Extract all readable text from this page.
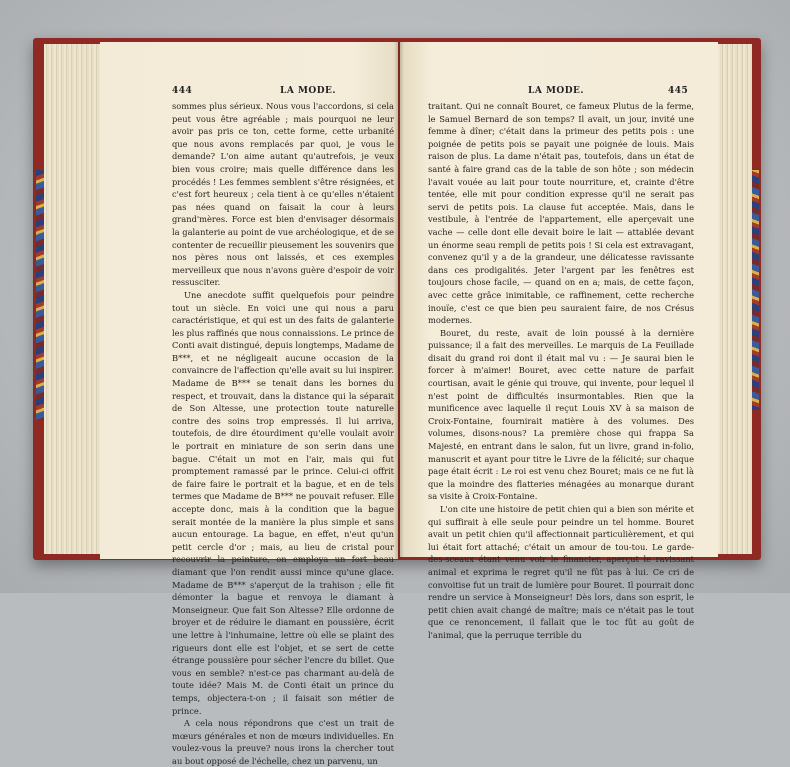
444	LA MODE.

sommes plus sérieux. Nous vous l'accordons, si cela peut vous être agréable ; mais pourquoi ne leur avoir pas pris ce ton, cette forme, cette urbanité que nous avons remplacés par quoi, je vous le demande? L'on aime autant qu'autrefois, je veux bien vous croire; mais quelle différence dans les procédés ! Les femmes semblent s'être résignées, et c'est fort heureux ; cela tient à ce qu'elles n'étaient pas nées quand on faisait la cour à leurs grand'mères. Force est bien d'envisager désormais la galanterie au point de vue archéologique, et de se contenter de recueillir pieusement les souvenirs que nos pères nous ont laissés, et ces exemples merveilleux que nous n'avons guère d'espoir de voir ressusciter.

Une anecdote suffit quelquefois pour peindre tout un siècle. En voici une qui nous a paru caractéristique, et qui est un des faits de galanterie les plus raffinés que nous connaissions. Le prince de Conti avait distingué, depuis longtemps, Madame de B***, et ne négligeait aucune occasion de la convaincre de l'affection qu'elle avait su lui inspirer. Madame de B*** se tenait dans les bornes du respect, et trouvait, dans la distance qui la séparait de Son Altesse, une protection toute naturelle contre des soins trop empressés. Il lui arriva, toutefois, de dire étourdiment qu'elle voulait avoir le portrait en miniature de son serin dans une bague. C'était un mot en l'air, mais qui fut promptement ramassé par le prince. Celui-ci offrit de faire faire le portrait et la bague, et en de tels termes que Madame de B*** ne pouvait refuser. Elle accepte donc, mais à la condition que la bague serait montée de la manière la plus simple et sans aucun entourage. La bague, en effet, n'eut qu'un petit cercle d'or ; mais, au lieu de cristal pour recouvrir la peinture, on employa un fort beau diamant que l'on rendit aussi mince qu'une glace. Madame de B*** s'aperçut de la trahison ; elle fit démonter la bague et renvoya le diamant à Monseigneur. Que fait Son Altesse? Elle ordonne de broyer et de réduire le diamant en poussière, écrit une lettre à l'inhumaine, lettre où elle se plaint des rigueurs dont elle est l'objet, et se sert de cette étrange poussière pour sécher l'encre du billet. Que vous en semble? n'est-ce pas charmant au-delà de toute idée? Mais M. de Conti était un prince du temps, objectera-t-on ; il faisait son métier de prince.

A cela nous répondrons que c'est un trait de mœurs générales et non de mœurs individuelles. En voulez-vous la preuve? nous irons la chercher tout au bout opposé de l'échelle, chez un parvenu, un

LA MODE.	445

traitant. Qui ne connaît Bouret, ce fameux Plutus de la ferme, le Samuel Bernard de son temps? Il avait, un jour, invité une femme à dîner; c'était dans la primeur des petits pois : une poignée de petits pois se payait une poignée de louis. Mais raison de plus. La dame n'était pas, toutefois, dans un état de santé à faire grand cas de la table de son hôte ; son médecin l'avait vouée au lait pour toute nourriture, et, crainte d'être tentée, elle mit pour condition expresse qu'il ne serait pas servi de petits pois. La clause fut acceptée. Mais, dans le vestibule, à l'entrée de l'appartement, elle aperçevait une vache — celle dont elle devait boire le lait — attablée devant un énorme seau rempli de petits pois ! Si cela est extravagant, convenez qu'il y a de la grandeur, une délicatesse ravissante dans ces prodigalités. Jeter l'argent par les fenêtres est toujours chose facile, — quand on en a; mais, de cette façon, avec cette grâce inimitable, ce raffinement, cette recherche inouïe, c'est ce que bien peu sauraient faire, de nos Crésus modernes.

Bouret, du reste, avait de loin poussé à la dernière puissance; il a fait des merveilles. Le marquis de La Feuillade disait du grand roi dont il était mal vu : — Je saurai bien le forcer à m'aimer! Bouret, avec cette nature de parfait courtisan, avait le génie qui trouve, qui invente, pour lequel il n'est point de difficultés insurmontables. Rien que la munificence avec laquelle il reçut Louis XV à sa maison de Croix-Fontaine, fournirait matière à des volumes. Des volumes, disons-nous? La première chose qui frappa Sa Majesté, en entrant dans le salon, fut un livre, grand in-folio, manuscrit et ayant pour titre le Livre de la félicité; sur chaque page était écrit : Le roi est venu chez Bouret; mais ce ne fut là que la moindre des flatteries ménagées au monarque durant sa visite à Croix-Fontaine.

L'on cite une histoire de petit chien qui a bien son mérite et qui suffirait à elle seule pour peindre un tel homme. Bouret avait un petit chien qu'il affectionnait particulièrement, et qui lui était fort attaché; c'était un amour de tou-tou. Le garde-des-sceaux étant venu voir le financier, aperçut le ravissant animal et exprima le regret qu'il ne fût pas à lui. Ce cri de convoitise fut un trait de lumière pour Bouret. Il pourrait donc rendre un service à Monseigneur! Dès lors, dans son esprit, le petit chien avait changé de maître; mais ce n'était pas le tout que ce renoncement, il fallait que le toc fût au goût de l'animal, que la perruque terrible du
